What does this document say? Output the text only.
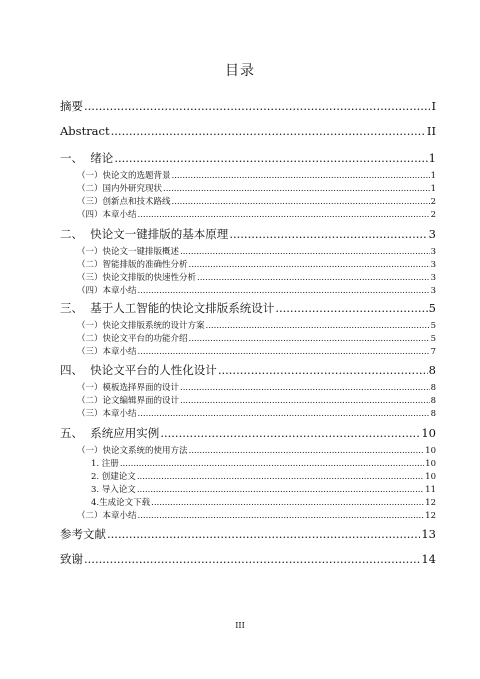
目录
摘要 .....	I
Abstract .....	II
一、  绪论 .....	1
（一）快论文的选题背景 .....	1
（二）国内外研究现状 .....	1
（三）创新点和技术路线 .....	2
（四）本章小结 .....	2
二、  快论文一键排版的基本原理 .....	3
（一）快论文一键排版概述 .....	3
（二）智能排版的准确性分析 .....	3
（三）快论文排版的快速性分析 .....	3
（四）本章小结 .....	3
三、  基于人工智能的快论文排版系统设计 .....	5
（一）快论文排版系统的设计方案 .....	5
（二）快论文平台的功能介绍 .....	5
（三）本章小结 .....	7
四、  快论文平台的人性化设计 .....	8
（一）模板选择界面的设计 .....	8
（二）论文编辑界面的设计 .....	8
（三）本章小结 .....	8
五、  系统应用实例 .....	10
（一）快论文系统的使用方法 .....	10
1. 注册 .....	10
2. 创建论文 .....	10
3. 导入论文 .....	11
4.生成论文下载 .....	12
（二）本章小结 .....	12
参考文献 .....	13
致谢 .....	14
III
